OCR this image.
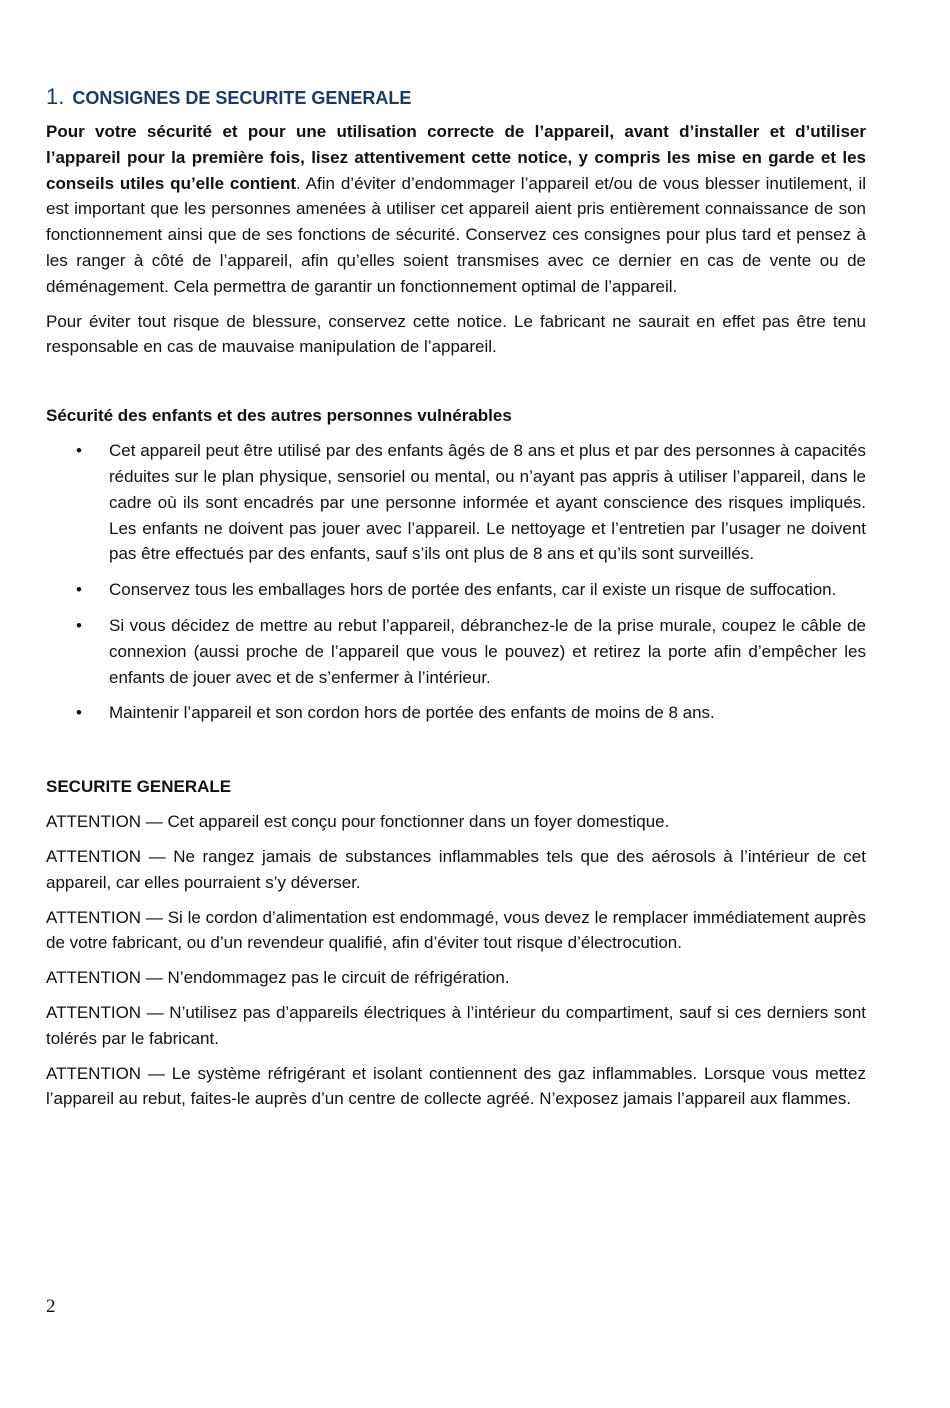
1. CONSIGNES DE SECURITE GENERALE

Pour votre sécurité et pour une utilisation correcte de l’appareil, avant d’installer et d’utiliser l’appareil pour la première fois, lisez attentivement cette notice, y compris les mise en garde et les conseils utiles qu’elle contient. Afin d’éviter d’endommager l’appareil et/ou de vous blesser inutilement, il est important que les personnes amenées à utiliser cet appareil aient pris entièrement connaissance de son fonctionnement ainsi que de ses fonctions de sécurité. Conservez ces consignes pour plus tard et pensez à les ranger à côté de l’appareil, afin qu’elles soient transmises avec ce dernier en cas de vente ou de déménagement. Cela permettra de garantir un fonctionnement optimal de l’appareil.

Pour éviter tout risque de blessure, conservez cette notice. Le fabricant ne saurait en effet pas être tenu responsable en cas de mauvaise manipulation de l’appareil.

Sécurité des enfants et des autres personnes vulnérables
• Cet appareil peut être utilisé par des enfants âgés de 8 ans et plus et par des personnes à capacités réduites sur le plan physique, sensoriel ou mental, ou n’ayant pas appris à utiliser l’appareil, dans le cadre où ils sont encadrés par une personne informée et ayant conscience des risques impliqués. Les enfants ne doivent pas jouer avec l’appareil. Le nettoyage et l’entretien par l’usager ne doivent pas être effectués par des enfants, sauf s’ils ont plus de 8 ans et qu’ils sont surveillés.
• Conservez tous les emballages hors de portée des enfants, car il existe un risque de suffocation.
• Si vous décidez de mettre au rebut l’appareil, débranchez-le de la prise murale, coupez le câble de connexion (aussi proche de l’appareil que vous le pouvez) et retirez la porte afin d’empêcher les enfants de jouer avec et de s’enfermer à l’intérieur.
• Maintenir l’appareil et son cordon hors de portée des enfants de moins de 8 ans.
SECURITE GENERALE

ATTENTION — Cet appareil est conçu pour fonctionner dans un foyer domestique.

ATTENTION — Ne rangez jamais de substances inflammables tels que des aérosols à l’intérieur de cet appareil, car elles pourraient s’y déverser.

ATTENTION — Si le cordon d’alimentation est endommagé, vous devez le remplacer immédiatement auprès de votre fabricant, ou d’un revendeur qualifié, afin d’éviter tout risque d’électrocution.

ATTENTION — N’endommagez pas le circuit de réfrigération.

ATTENTION — N’utilisez pas d’appareils électriques à l’intérieur du compartiment, sauf si ces derniers sont tolérés par le fabricant.

ATTENTION — Le système réfrigérant et isolant contiennent des gaz inflammables. Lorsque vous mettez l’appareil au rebut, faites-le auprès d’un centre de collecte agréé. N’exposez jamais l’appareil aux flammes.

2
